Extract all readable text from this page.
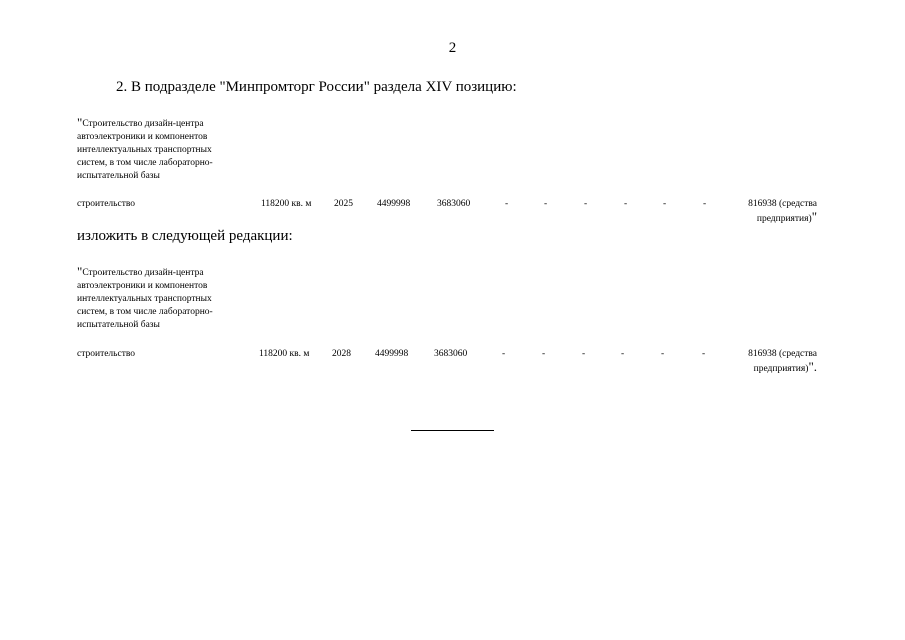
2
2. В подразделе "Минпромторг России" раздела XIV позицию:
"Строительство дизайн-центра
автоэлектроники и компонентов
интеллектуальных транспортных
систем, в том числе лабораторно-
испытательной базы
строительство	118200 кв. м 2025	4499998	3683060	-	-	-	-	-	-	816938 (средства
предприятия)"
изложить в следующей редакции:
"Строительство дизайн-центра
автоэлектроники и компонентов
интеллектуальных транспортных
систем, в том числе лабораторно-
испытательной базы
строительство	118200 кв. м 2028	4499998	3683060	-	-	-	-	-	-	816938 (средства
предприятия)".
